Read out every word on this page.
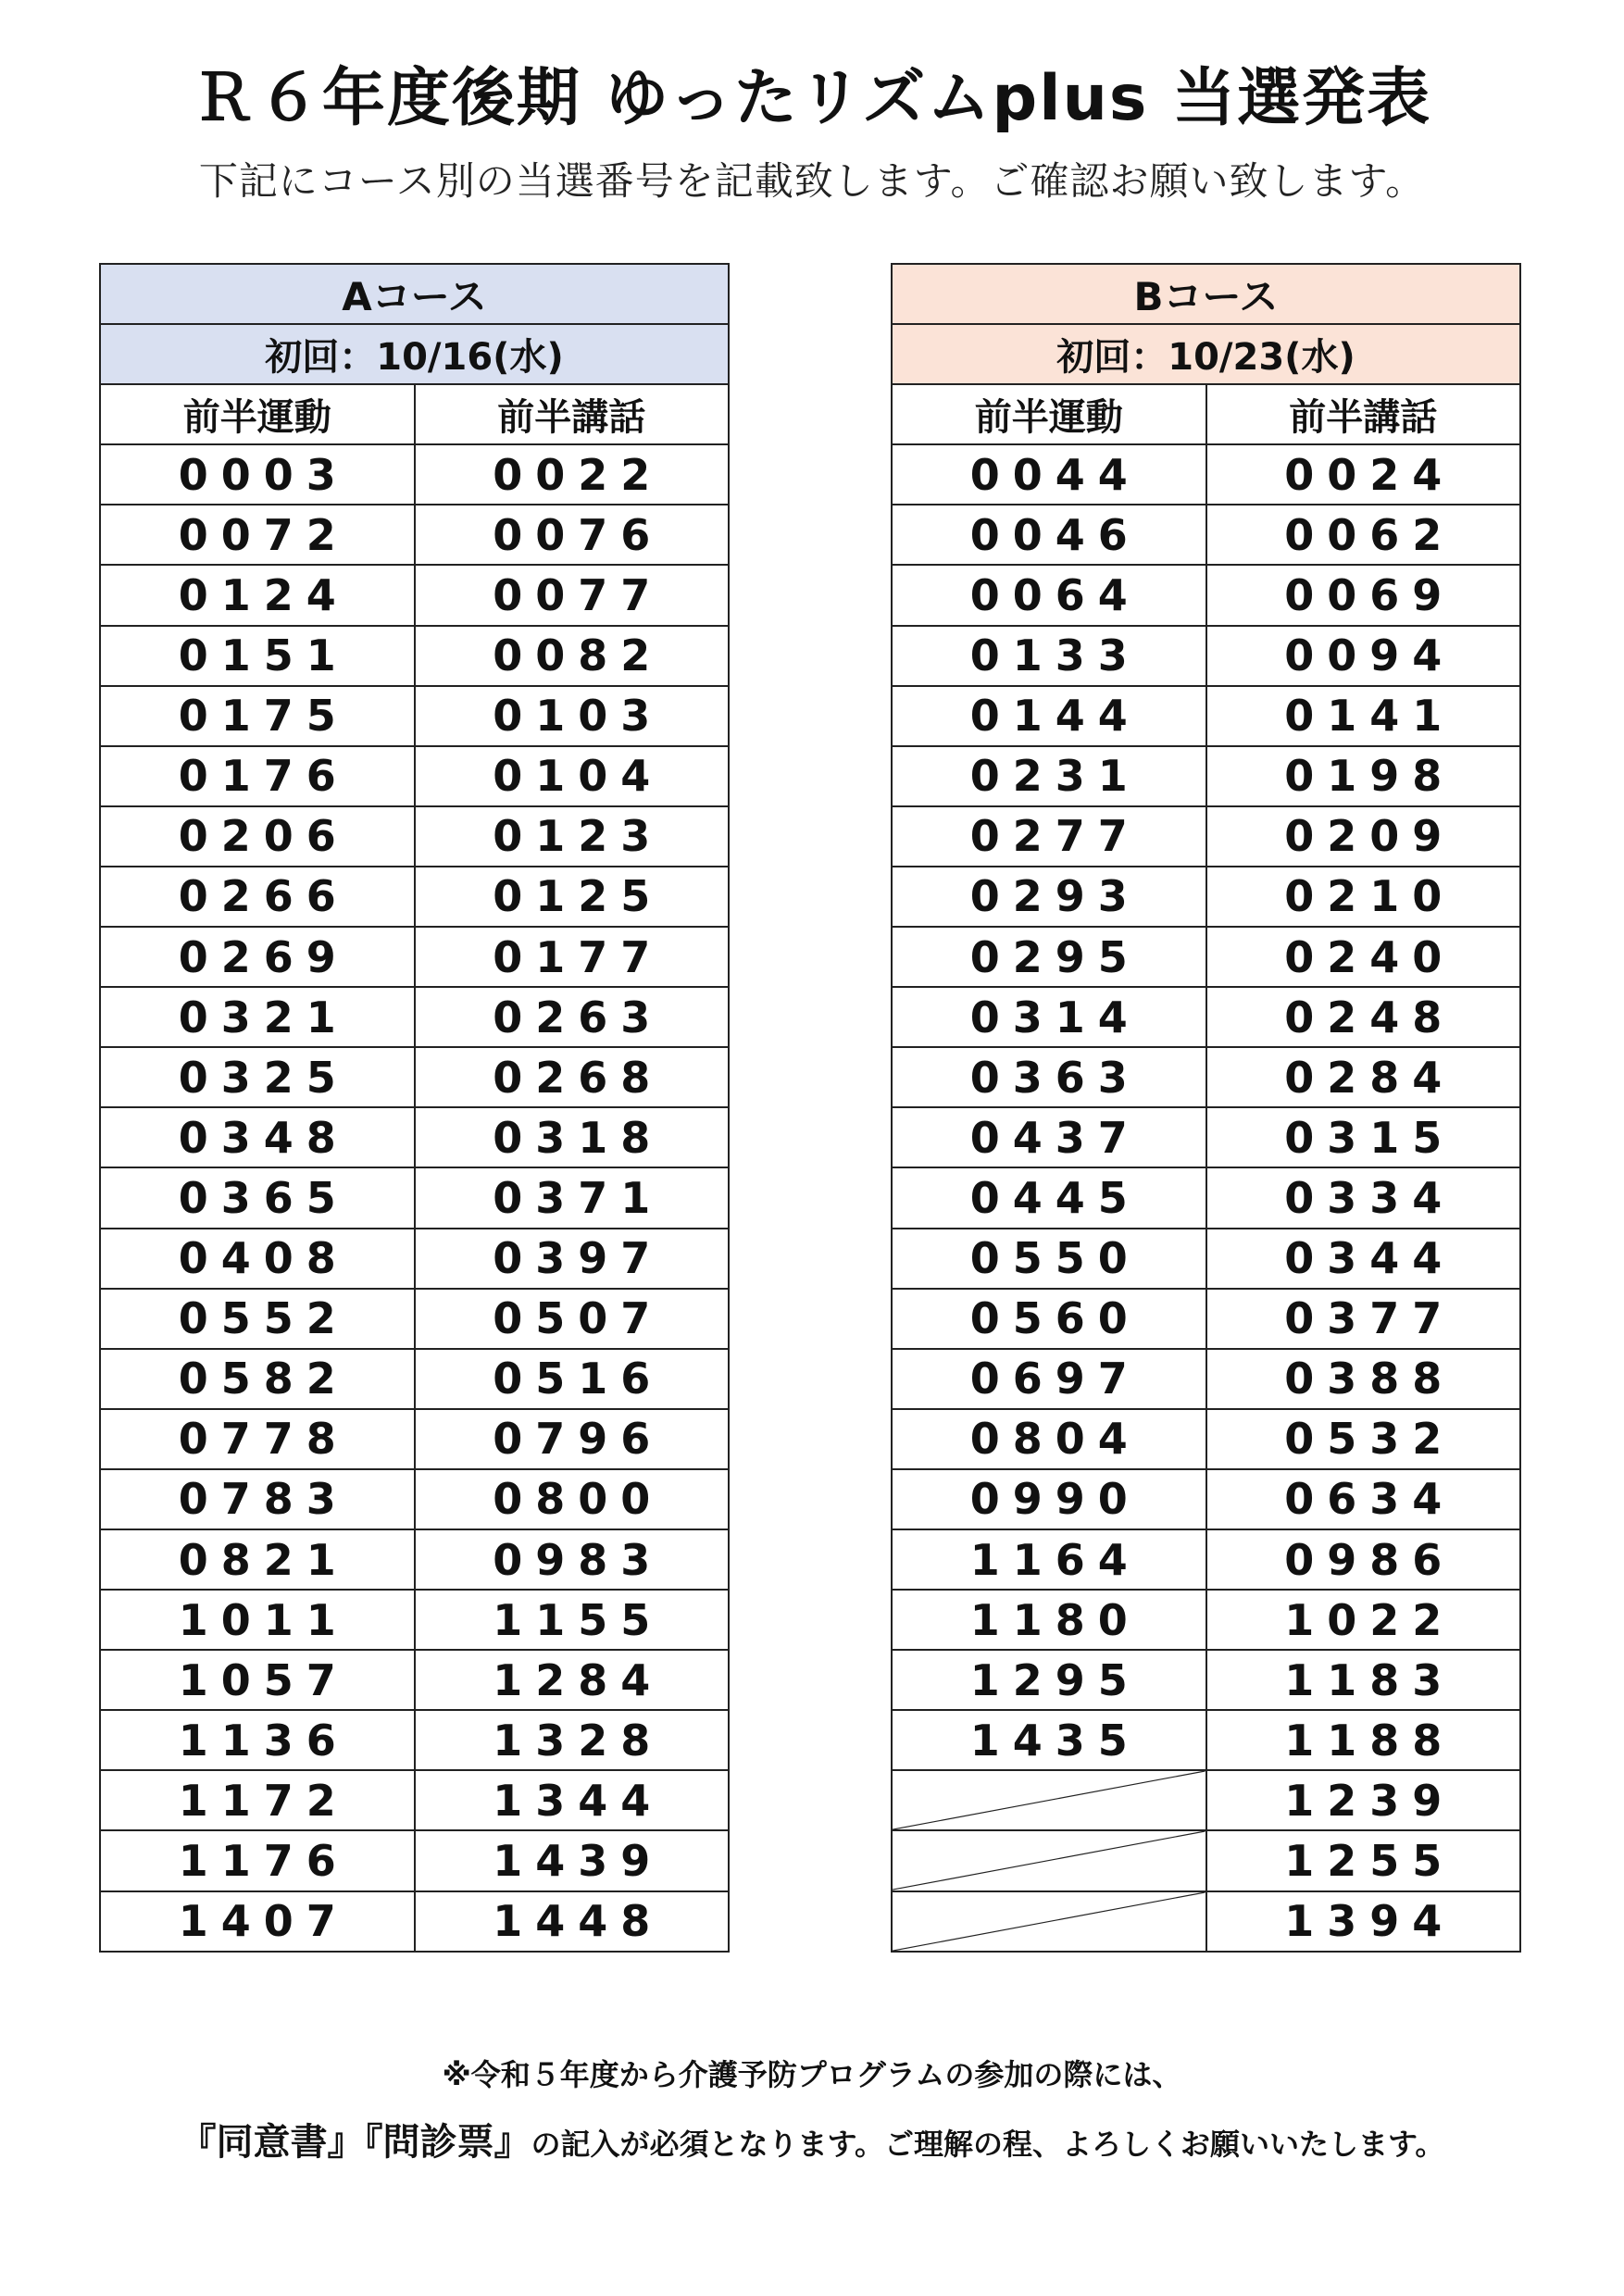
Ｒ６年度後期 ゆったリズムplus 当選発表

下記にコース別の当選番号を記載致します。ご確認お願い致します。

Aコース	
初回：10/16(水)	
前半運動	前半講話
0003	0022
0072	0076
0124	0077
0151	0082
0175	0103
0176	0104
0206	0123
0266	0125
0269	0177
0321	0263
0325	0268
0348	0318
0365	0371
0408	0397
0552	0507
0582	0516
0778	0796
0783	0800
0821	0983
1011	1155
1057	1284
1136	1328
1172	1344
1176	1439
1407	1448
Bコース	
初回：10/23(水)	
前半運動	前半講話
0044	0024
0046	0062
0064	0069
0133	0094
0144	0141
0231	0198
0277	0209
0293	0210
0295	0240
0314	0248
0363	0284
0437	0315
0445	0334
0550	0344
0560	0377
0697	0388
0804	0532
0990	0634
1164	0986
1180	1022
1295	1183
1435	1188

	1239

	1255

	1394

※令和５年度から介護予防プログラムの参加の際には、

『同意書』『問診票』の記入が必須となります。ご理解の程、よろしくお願いいたします。
